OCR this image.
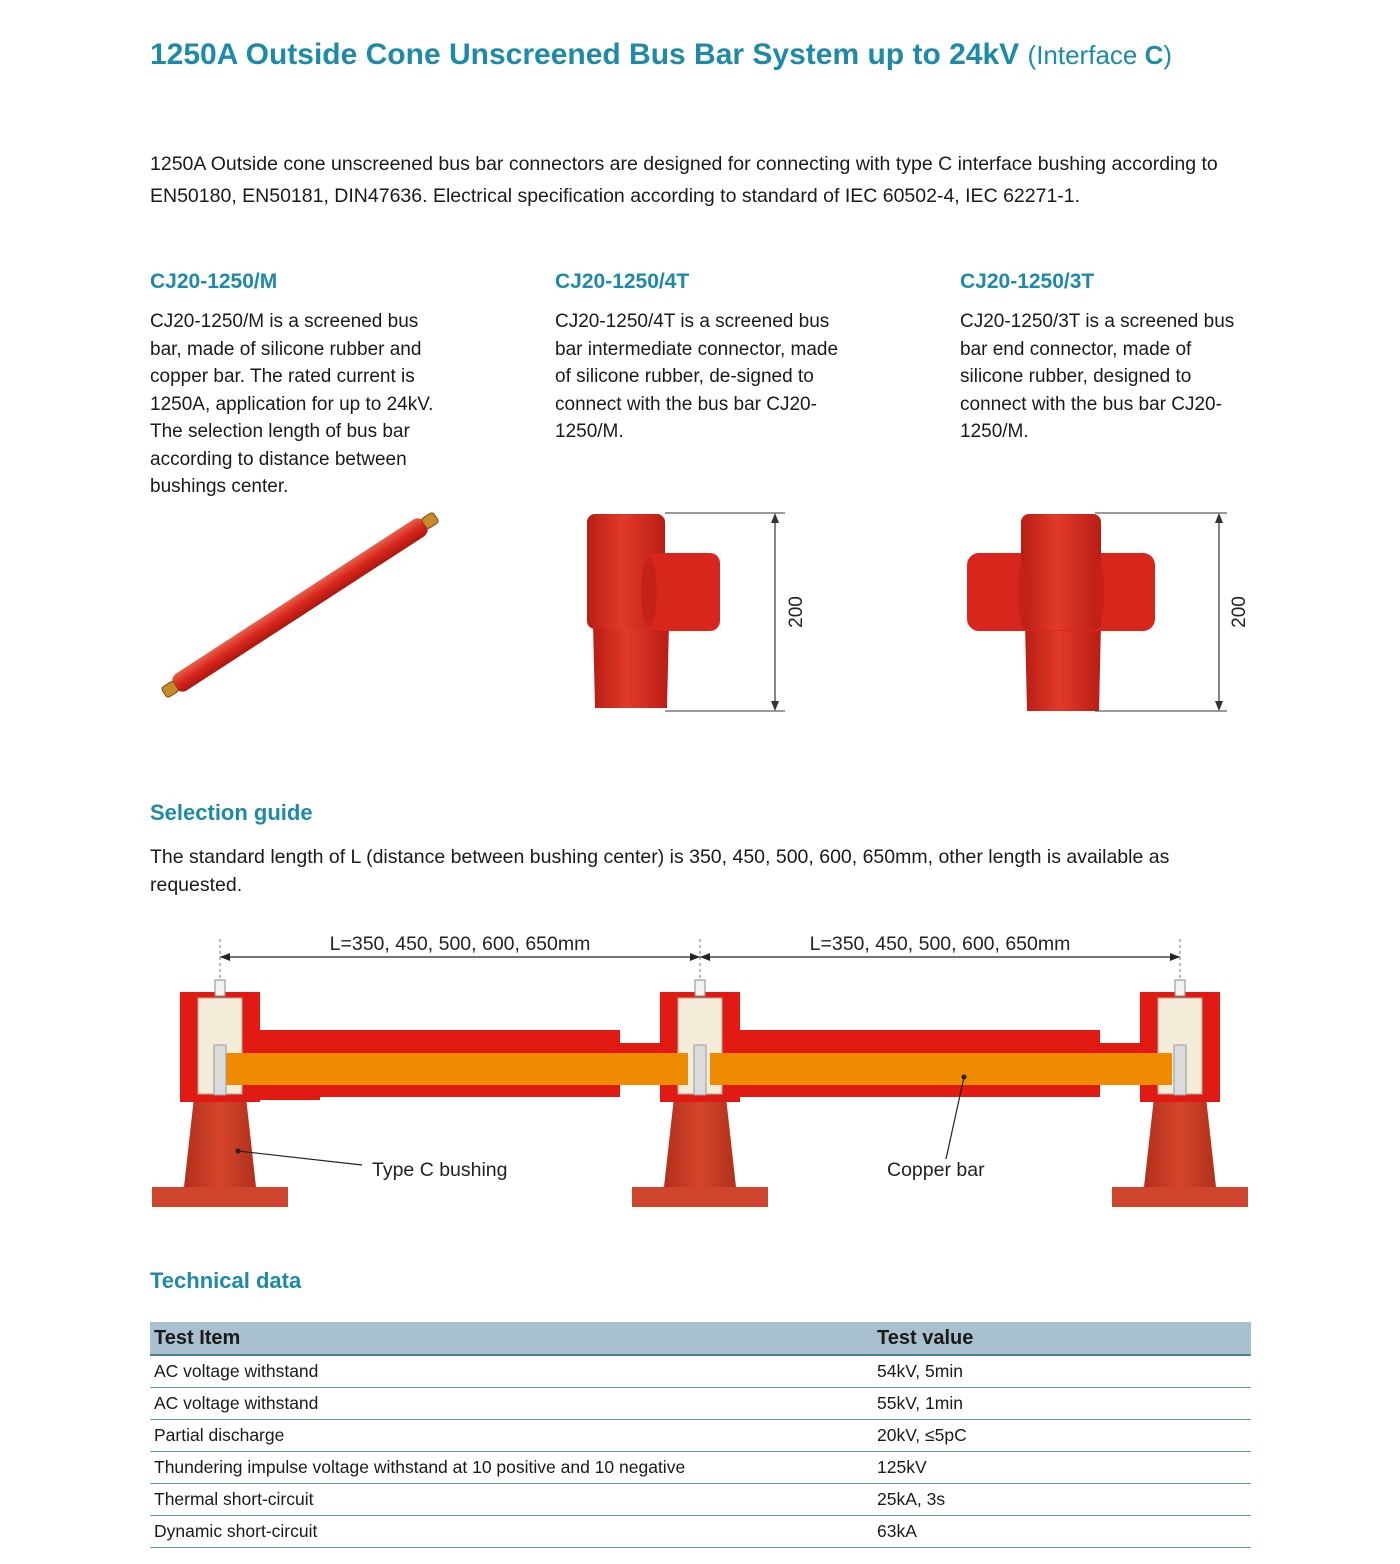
1250A Outside Cone Unscreened Bus Bar System up to 24kV (Interface C)
1250A Outside cone unscreened bus bar connectors are designed for connecting with type C interface bushing according to EN50180, EN50181, DIN47636. Electrical specification according to standard of IEC 60502-4, IEC 62271-1.
CJ20-1250/M
CJ20-1250/M is a screened bus bar, made of silicone rubber and copper bar. The rated current is 1250A, application for up to 24kV. The selection length of bus bar according to distance between bushings center.
CJ20-1250/4T
CJ20-1250/4T is a screened bus bar intermediate connector, made of silicone rubber, de-signed to connect with the bus bar CJ20-1250/M.
CJ20-1250/3T
CJ20-1250/3T is a screened bus bar end connector, made of silicone rubber, designed to connect with the bus bar CJ20-1250/M.
200	200
Selection guide
The standard length of L (distance between bushing center) is 350, 450, 500, 600, 650mm, other length is available as requested.
L=350, 450, 500, 600, 650mm	L=350, 450, 500, 600, 650mm
Type C bushing	Copper bar
Technical data
Test Item	Test value
AC voltage withstand	54kV, 5min
AC voltage withstand	55kV, 1min
Partial discharge	20kV, ≤5pC
Thundering impulse voltage withstand at 10 positive and 10 negative	125kV
Thermal short-circuit	25kA, 3s
Dynamic short-circuit	63kA
